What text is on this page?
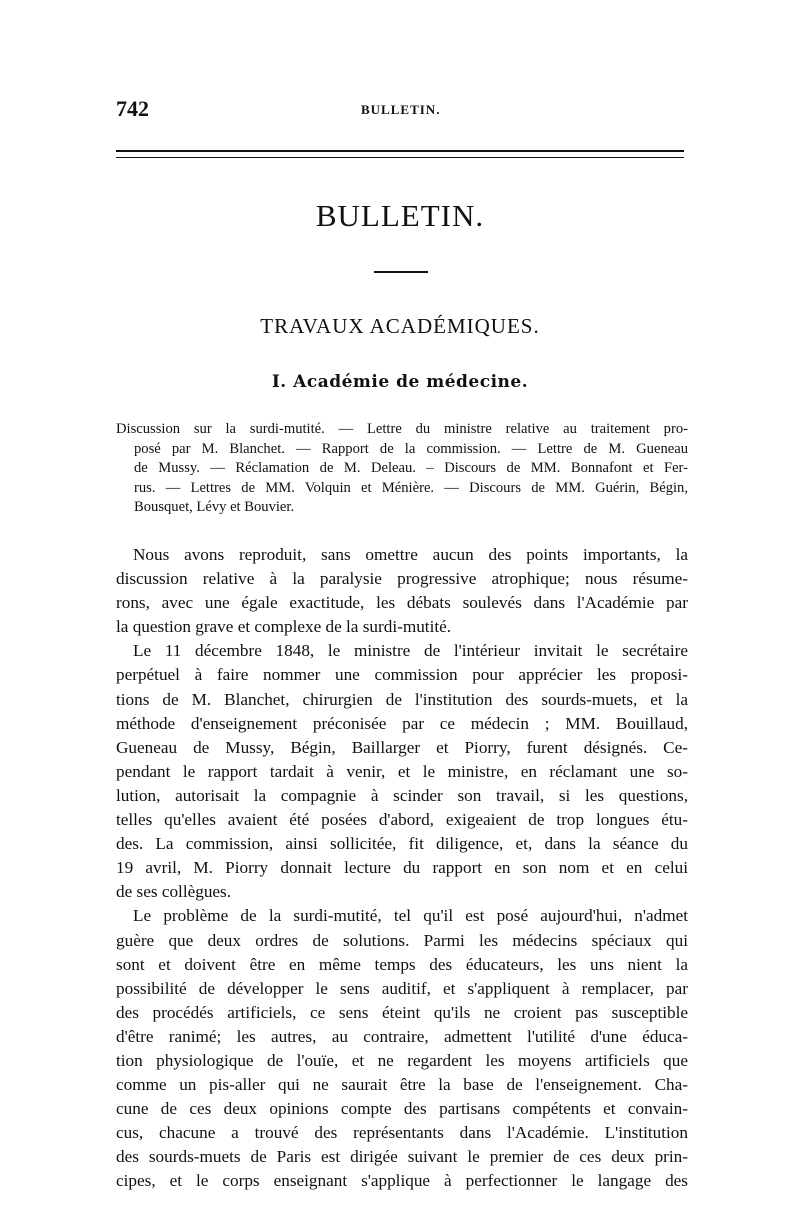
742	BULLETIN.
BULLETIN.
TRAVAUX ACADÉMIQUES.
I. Académie de médecine.
Discussion sur la surdi-mutité. — Lettre du ministre relative au traitement pro-
posé par M. Blanchet. — Rapport de la commission. — Lettre de M. Gueneau
de Mussy. — Réclamation de M. Deleau. – Discours de MM. Bonnafont et Fer-
rus. — Lettres de MM. Volquin et Ménière. — Discours de MM. Guérin, Bégin,
Bousquet, Lévy et Bouvier.
Nous avons reproduit, sans omettre aucun des points importants, la
discussion relative à la paralysie progressive atrophique; nous résume-
rons, avec une égale exactitude, les débats soulevés dans l'Académie par
la question grave et complexe de la surdi-mutité.
Le 11 décembre 1848, le ministre de l'intérieur invitait le secrétaire
perpétuel à faire nommer une commission pour apprécier les proposi-
tions de M. Blanchet, chirurgien de l'institution des sourds-muets, et la
méthode d'enseignement préconisée par ce médecin ; MM. Bouillaud,
Gueneau de Mussy, Bégin, Baillarger et Piorry, furent désignés. Ce-
pendant le rapport tardait à venir, et le ministre, en réclamant une so-
lution, autorisait la compagnie à scinder son travail, si les questions,
telles qu'elles avaient été posées d'abord, exigeaient de trop longues étu-
des. La commission, ainsi sollicitée, fit diligence, et, dans la séance du
19 avril, M. Piorry donnait lecture du rapport en son nom et en celui
de ses collègues.
Le problème de la surdi-mutité, tel qu'il est posé aujourd'hui, n'admet
guère que deux ordres de solutions. Parmi les médecins spéciaux qui
sont et doivent être en même temps des éducateurs, les uns nient la
possibilité de développer le sens auditif, et s'appliquent à remplacer, par
des procédés artificiels, ce sens éteint qu'ils ne croient pas susceptible
d'être ranimé; les autres, au contraire, admettent l'utilité d'une éduca-
tion physiologique de l'ouïe, et ne regardent les moyens artificiels que
comme un pis-aller qui ne saurait être la base de l'enseignement. Cha-
cune de ces deux opinions compte des partisans compétents et convain-
cus, chacune a trouvé des représentants dans l'Académie. L'institution
des sourds-muets de Paris est dirigée suivant le premier de ces deux prin-
cipes, et le corps enseignant s'applique à perfectionner le langage des
